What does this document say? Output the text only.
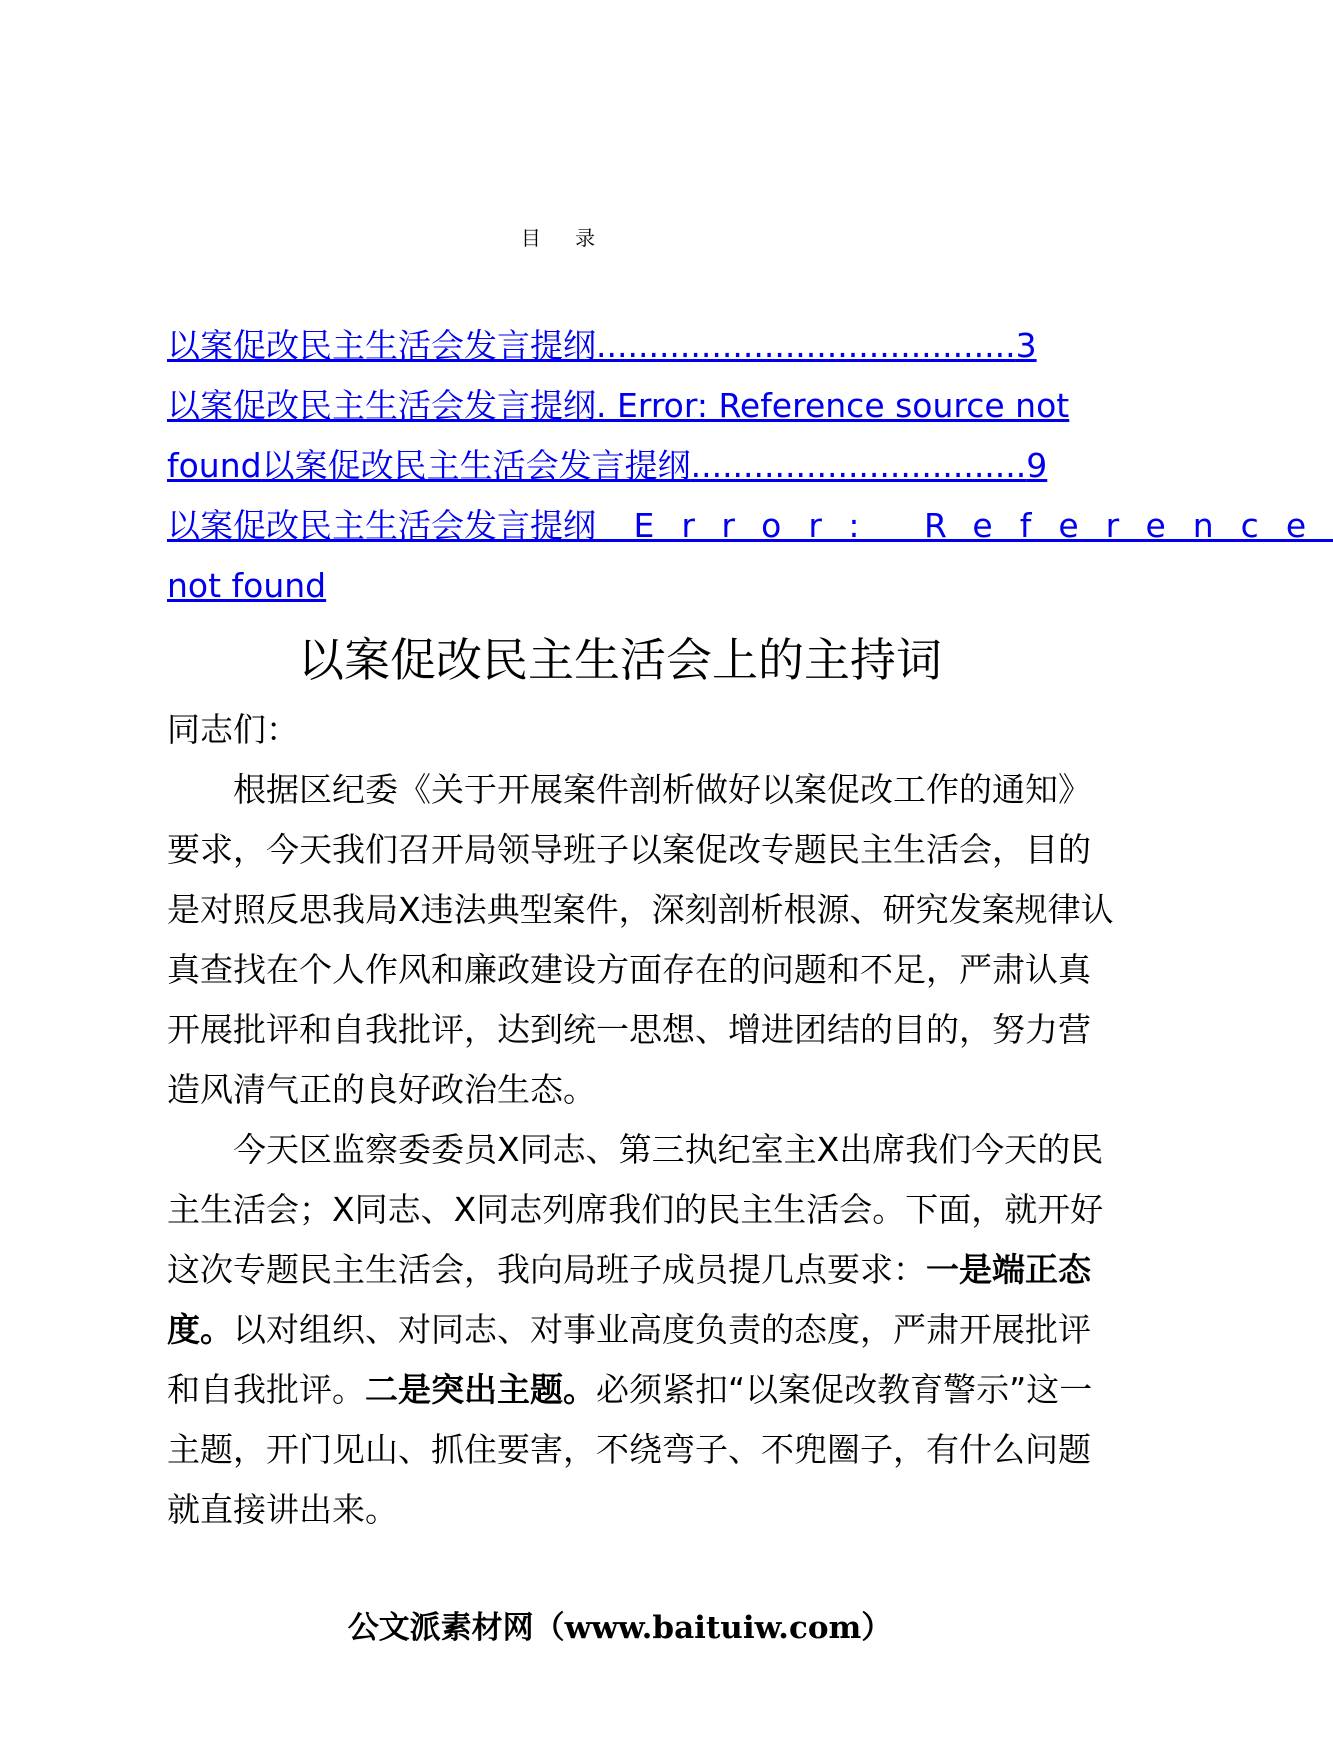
目 录
以案促改民主生活会发言提纲........................................3
以案促改民主生活会发言提纲. Error: Reference source not
found以案促改民主生活会发言提纲................................9
以案促改民主生活会发言提纲 Error: Reference
not found
以案促改民主生活会上的主持词

同志们：

根据区纪委《关于开展案件剖析做好以案促改工作的通知》要求，今天我们召开局领导班子以案促改专题民主生活会，目的是对照反思我局X违法典型案件，深刻剖析根源、研究发案规律认真查找在个人作风和廉政建设方面存在的问题和不足，严肃认真开展批评和自我批评，达到统一思想、增进团结的目的，努力营造风清气正的良好政治生态。

今天区监察委委员X同志、第三执纪室主X出席我们今天的民主生活会；X同志、X同志列席我们的民主生活会。下面，就开好这次专题民主生活会，我向局班子成员提几点要求：一是端正态度。以对组织、对同志、对事业高度负责的态度，严肃开展批评和自我批评。二是突出主题。必须紧扣“以案促改教育警示”这一主题，开门见山、抓住要害，不绕弯子、不兜圈子，有什么问题就直接讲出来。

公文派素材网（www.baituiw.com）
